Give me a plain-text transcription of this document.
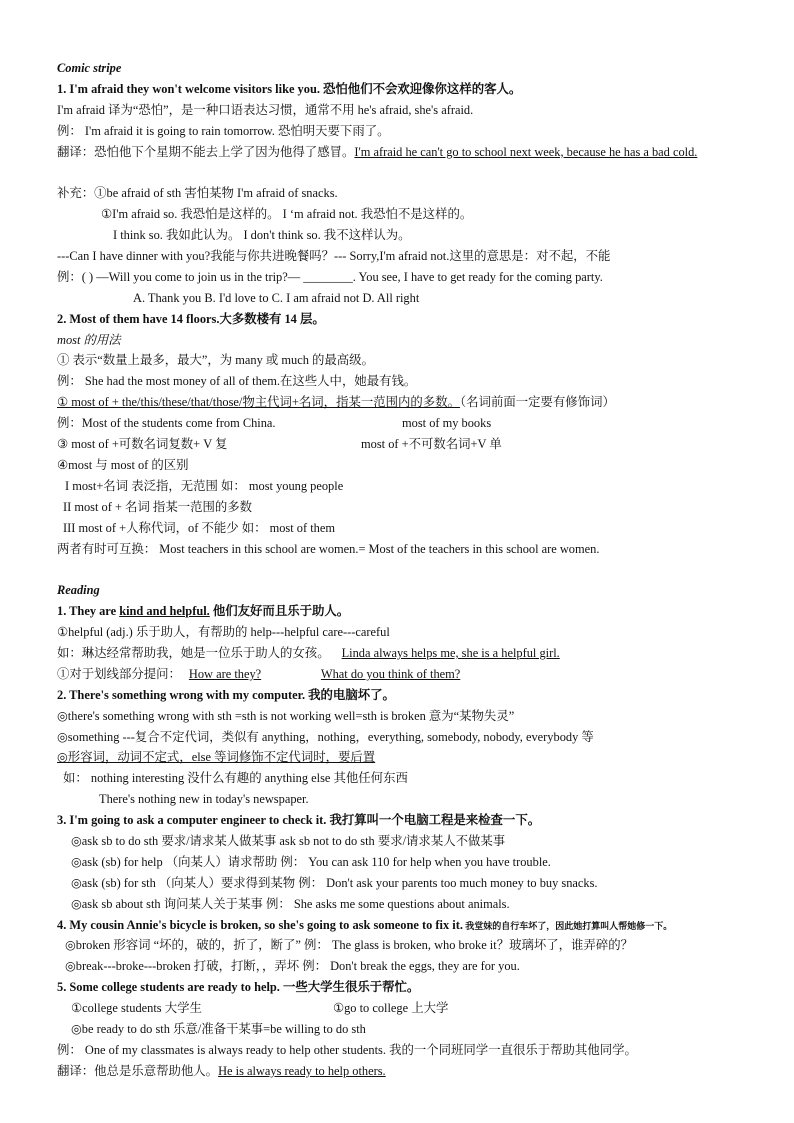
Comic stripe
1. I'm afraid they won't welcome visitors like you. 恐怕他们不会欢迎像你这样的客人。
I'm afraid 译为“恐怕”，是一种口语表达习惯，通常不用 he's afraid, she's afraid.
例： I'm afraid it is going to rain tomorrow. 恐怕明天要下雨了。
翻译：恐怕他下个星期不能去上学了因为他得了感冒。I'm afraid he can't go to school next week, because he has a bad cold.
补充：①be afraid of sth 害怕某物 I'm afraid of snacks.
①I'm afraid so. 我恐怕是这样的。 I ‘m afraid not. 我恐怕不是这样的。
I think so. 我如此认为。 I don't think so. 我不这样认为。
---Can I have dinner with you?我能与你共进晚餐吗？--- Sorry,I'm afraid not.这里的意思是：对不起，不能
例：( ) —Will you come to join us in the trip?— ________. You see, I have to get ready for the coming party.
A. Thank you B. I'd love to C. I am afraid not D. All right
2. Most of them have 14 floors.大多数楼有 14 层。
most 的用法
① 表示“数量上最多，最大”，为 many 或 much 的最高级。
例： She had the most money of all of them.在这些人中，她最有钱。
① most of + the/this/these/that/those/物主代词+名词，指某一范围内的多数。（名词前面一定要有修饰词）
例：Most of the students come from China.	most of my books
③ most of +可数名词复数+ V 复	most of +不可数名词+V 单
④most 与 most of 的区别
I most+名词 表泛指，无范围 如： most young people
II most of + 名词 指某一范围的多数
III most of +人称代词，of 不能少 如： most of them
两者有时可互换： Most teachers in this school are women.= Most of the teachers in this school are women.
Reading
1. They are kind and helpful. 他们友好而且乐于助人。
①helpful (adj.) 乐于助人，有帮助的 help---helpful care---careful
如：琳达经常帮助我，她是一位乐于助人的女孩。 Linda always helps me, she is a helpful girl.
①对于划线部分提问： How are they?	What do you think of them?
2. There's something wrong with my computer. 我的电脑坏了。
◎there's something wrong with sth =sth is not working well=sth is broken 意为“某物失灵”
◎something ---复合不定代词，类似有 anything，nothing，everything, somebody, nobody, everybody 等
◎形容词，动词不定式，else 等词修饰不定代词时，要后置
如： nothing interesting 没什么有趣的 anything else 其他任何东西
There's nothing new in today's newspaper.
3. I'm going to ask a computer engineer to check it. 我打算叫一个电脑工程是来检查一下。
◎ask sb to do sth 要求/请求某人做某事 ask sb not to do sth 要求/请求某人不做某事
◎ask (sb) for help （向某人）请求帮助 例： You can ask 110 for help when you have trouble.
◎ask (sb) for sth （向某人）要求得到某物 例： Don't ask your parents too much money to buy snacks.
◎ask sb about sth 询问某人关于某事 例： She asks me some questions about animals.
4. My cousin Annie's bicycle is broken, so she's going to ask someone to fix it. 我堂妹的自行车坏了，因此她打算叫人帮她修一下。
◎broken 形容词 “坏的，破的，折了，断了” 例： The glass is broken, who broke it？玻璃坏了，谁弄碎的？
◎break---broke---broken 打破，打断，，弄坏 例： Don't break the eggs, they are for you.
5. Some college students are ready to help. 一些大学生很乐于帮忙。
①college students 大学生	①go to college 上大学
◎be ready to do sth 乐意/准备干某事=be willing to do sth
例： One of my classmates is always ready to help other students. 我的一个同班同学一直很乐于帮助其他同学。
翻译：他总是乐意帮助他人。He is always ready to help others.
